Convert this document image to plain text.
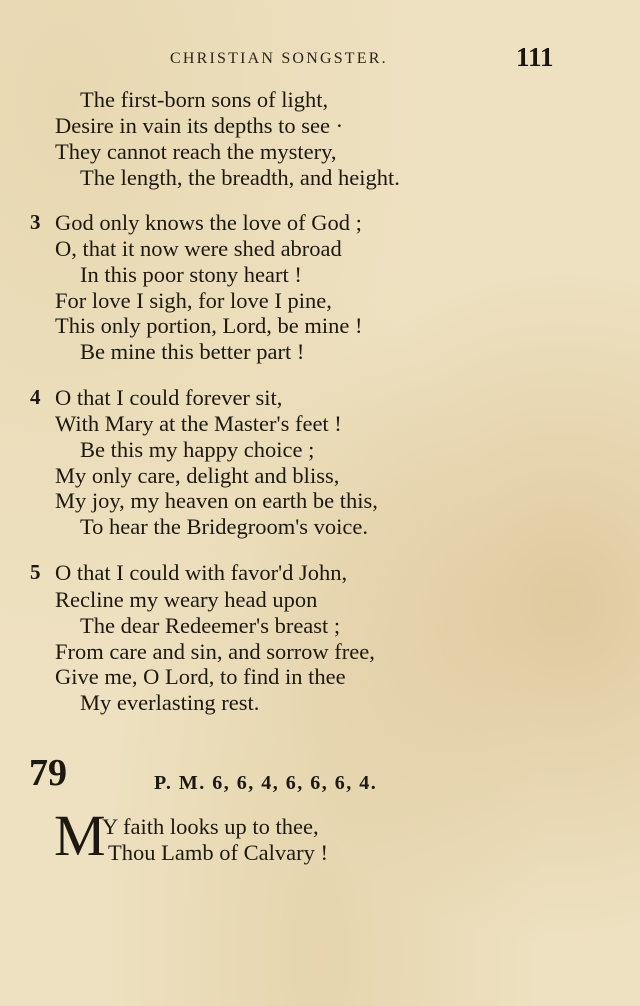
CHRISTIAN SONGSTER.	111
The first-born sons of light,
Desire in vain its depths to see ·
They cannot reach the mystery,
The length, the breadth, and height.
3 God only knows the love of God ;
O, that it now were shed abroad
In this poor stony heart !
For love I sigh, for love I pine,
This only portion, Lord, be mine !
Be mine this better part !
4 O that I could forever sit,
With Mary at the Master's feet !
Be this my happy choice ;
My only care, delight and bliss,
My joy, my heaven on earth be this,
To hear the Bridegroom's voice.
5 O that I could with favor'd John,
Recline my weary head upon
The dear Redeemer's breast ;
From care and sin, and sorrow free,
Give me, O Lord, to find in thee
My everlasting rest.
79	P. M. 6, 6, 4, 6, 6, 6, 4.
M
Y faith looks up to thee,
Thou Lamb of Calvary !
